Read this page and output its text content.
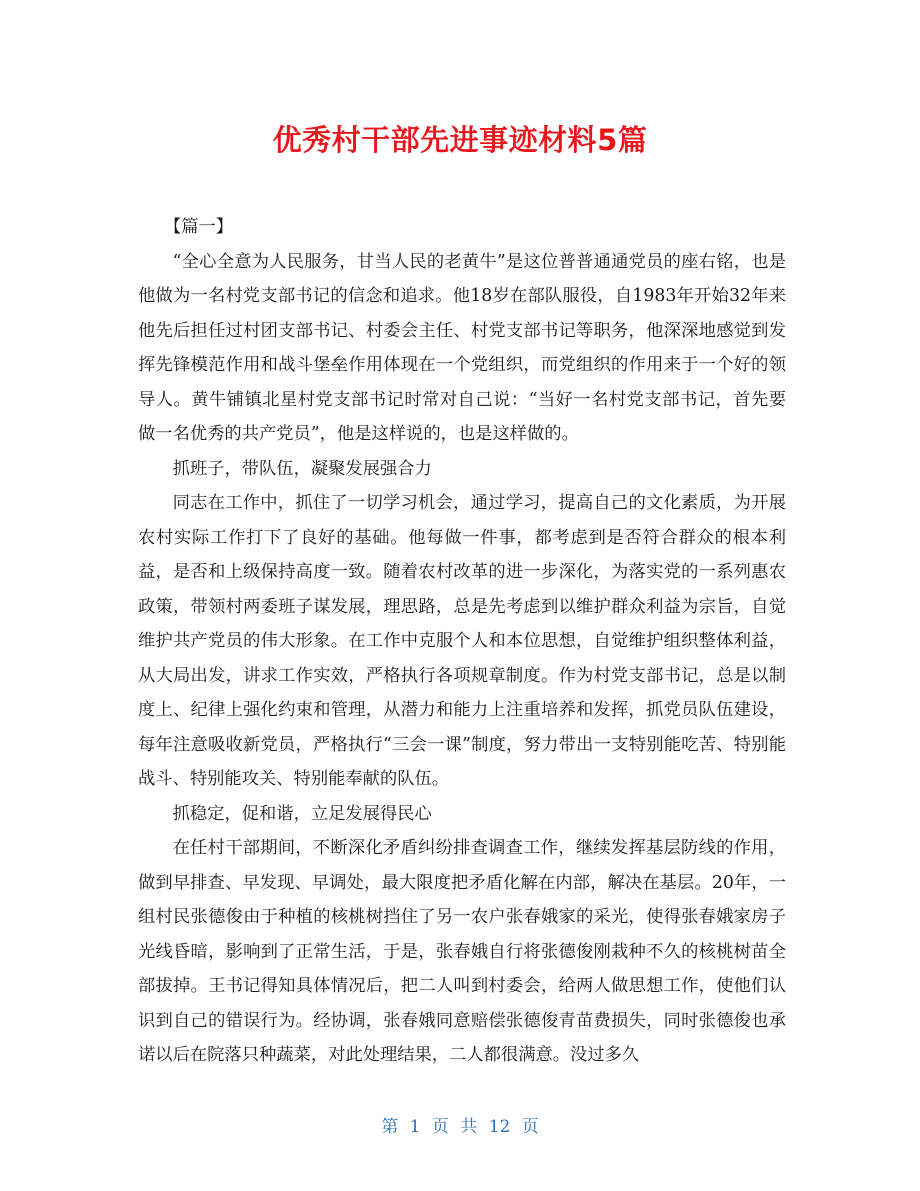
优秀村干部先进事迹材料5篇

【篇一】

“全心全意为人民服务，甘当人民的老黄牛”是这位普普通通党员的座右铭，也是他做为一名村党支部书记的信念和追求。他18岁在部队服役，自1983年开始32年来他先后担任过村团支部书记、村委会主任、村党支部书记等职务，他深深地感觉到发挥先锋模范作用和战斗堡垒作用体现在一个党组织，而党组织的作用来于一个好的领导人。黄牛铺镇北星村党支部书记时常对自己说：“当好一名村党支部书记，首先要做一名优秀的共产党员”，他是这样说的，也是这样做的。

抓班子，带队伍，凝聚发展强合力

同志在工作中，抓住了一切学习机会，通过学习，提高自己的文化素质，为开展农村实际工作打下了良好的基础。他每做一件事，都考虑到是否符合群众的根本利益，是否和上级保持高度一致。随着农村改革的进一步深化，为落实党的一系列惠农政策，带领村两委班子谋发展，理思路，总是先考虑到以维护群众利益为宗旨，自觉维护共产党员的伟大形象。在工作中克服个人和本位思想，自觉维护组织整体利益，从大局出发，讲求工作实效，严格执行各项规章制度。作为村党支部书记，总是以制度上、纪律上强化约束和管理，从潜力和能力上注重培养和发挥，抓党员队伍建设，每年注意吸收新党员，严格执行“三会一课”制度，努力带出一支特别能吃苦、特别能战斗、特别能攻关、特别能奉献的队伍。

抓稳定，促和谐，立足发展得民心

在任村干部期间，不断深化矛盾纠纷排查调查工作，继续发挥基层防线的作用，做到早排查、早发现、早调处，最大限度把矛盾化解在内部，解决在基层。20年，一组村民张德俊由于种植的核桃树挡住了另一农户张春娥家的采光，使得张春娥家房子光线昏暗，影响到了正常生活，于是，张春娥自行将张德俊刚栽种不久的核桃树苗全部拔掉。王书记得知具体情况后，把二人叫到村委会，给两人做思想工作，使他们认识到自己的错误行为。经协调，张春娥同意赔偿张德俊青苗费损失，同时张德俊也承诺以后在院落只种蔬菜，对此处理结果，二人都很满意。没过多久

第 1 页 共 12 页
